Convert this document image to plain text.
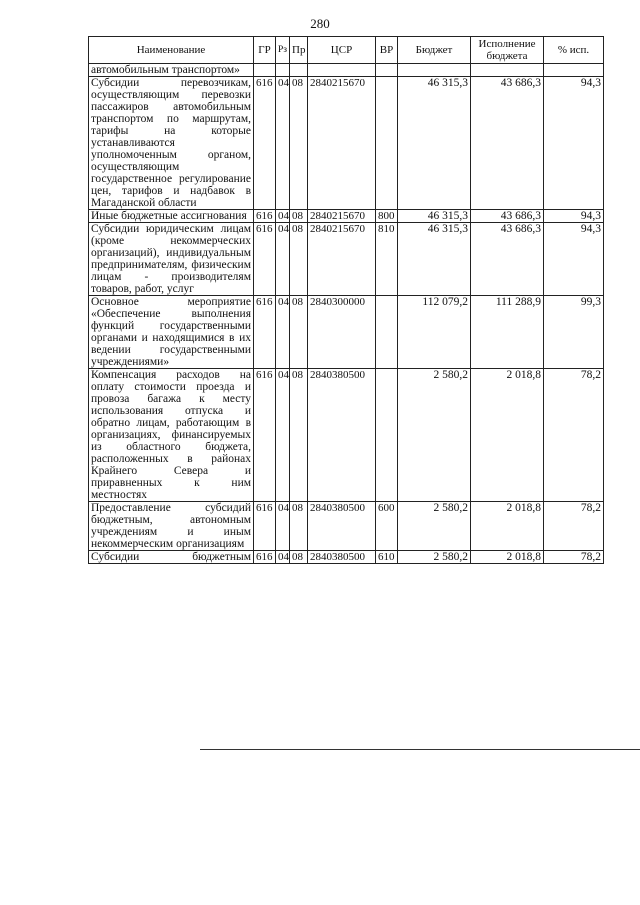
280
Наименование	ГР	Рз	Пр	ЦСР	ВР	Бюджет	Исполнение бюджета	% исп.
автомобильным транспортом»								
Субсидии перевозчикам, осуществляющим перевозки пассажиров автомобильным транспортом по маршрутам, тарифы на которые устанавливаются уполномоченным органом, осуществляющим государственное регулирование цен, тарифов и надбавок в Магаданской области	616	04	08	2840215670		46 315,3	43 686,3	94,3
Иные бюджетные ассигнования	616	04	08	2840215670	800	46 315,3	43 686,3	94,3
Субсидии юридическим лицам (кроме некоммерческих организаций), индивидуальным предпринимателям, физическим лицам - производителям товаров, работ, услуг	616	04	08	2840215670	810	46 315,3	43 686,3	94,3
Основное мероприятие «Обеспечение выполнения функций государственными органами и находящимися в их ведении государственными учреждениями»	616	04	08	2840300000		112 079,2	111 288,9	99,3
Компенсация расходов на оплату стоимости проезда и провоза багажа к месту использования отпуска и обратно лицам, работающим в организациях, финансируемых из областного бюджета, расположенных в районах Крайнего Севера и приравненных к ним местностях	616	04	08	2840380500		2 580,2	2 018,8	78,2
Предоставление субсидий бюджетным, автономным учреждениям и иным некоммерческим организациям	616	04	08	2840380500	600	2 580,2	2 018,8	78,2
Субсидии бюджетным	616	04	08	2840380500	610	2 580,2	2 018,8	78,2
